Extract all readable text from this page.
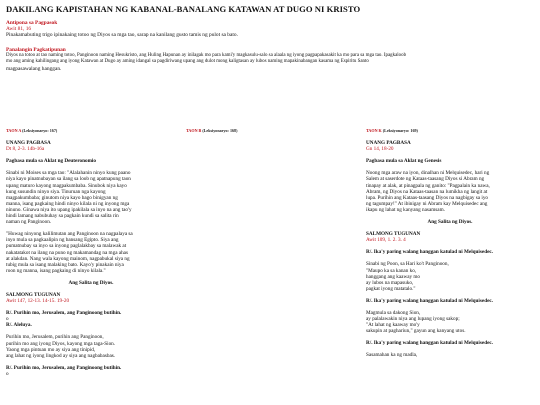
DAKILANG KAPISTAHAN NG KABANAL-BANALANG KATAWAN AT DUGO NI KRISTO
Antipona sa Pagpasok
Awit 81, 16
Pinakamabuting trigo ipinakaing totoo ng Diyos sa mga tao, sarap na kanilang gusto tamis ng pulot sa bato.
Panalangin Pagkatipunan
Diyos na totoo at tao naming totoo, Panginoon naming Hesukristo, ang Huling Hapunan ay inilagak mo para kami'y magkasulu-salo sa alaala ng iyong pagpapakasakit ka mo para sa mga tao. Ipagkaloob
mo ang aming kahilingang ang iyong Katawan at Dugo ay aming idangal sa pagdiriwang upang ang dulot mong kaligtasan ay lubos naming mapakinabangan kasama ng Espiritu Santo
magpasawalang hanggan.
TAON A (Leksiyonaryo: 167)

UNANG PAGBASA

Dt 8, 2-3. 14b-16a

Pagbasa mula sa Aklat ng Deuteronomio

Sinabi ni Moises sa mga tao: "Alalahanin ninyo kung paano

niya kayo pinatnubayan sa ilang sa loob ng apatnapung taon

upang maturo kayong magpakumbaba. Sinubok niya kayo

kung susundin ninyo siya. Tinuruan nga kayong

magpakumbaba; ginutom niya kayo bago binigyan ng

manna, isang pagkaing hindi ninyo kilala ni ng inyong mga

ninuno. Ginawa niya ito upang ipakilala sa inyo na ang tao'y

hindi lamang nabubuhay sa pagkain kundi sa salita rin

naman ng Panginoon.

"Huwag ninyong kalilimutan ang Panginoon na nagpalaya sa

inyo mula sa pagkaalipin ng bansang Egipto. Siya ang

pumatnubay sa inyo sa inyong paglalakbay sa malawak at

nakatatakot na ilang na puno ng makamandag na mga ahas

at alakdan. Nang wala kayong mainom, nagpabukal siya ng

tubig mula sa isang malaking bato. Kayo'y pinakain niya

roon ng manna, isang pagkaing di ninyo kilala."

Ang Salita ng Diyos.

SALMONG TUGUNAN

Awit 147, 12-13. 14-15. 19-20

R/. Purihin mo, Jerusalem, ang Panginoong butihin.

o

R/. Aleluya.

Purihin mo, Jerusalem, purihin ang Panginoon,

purihin mo ang iyong Diyos, kayong mga taga-Sion.

Yaong mga pintuan mo ay siya ang tinipid,

ang lahat ng iyong lingkod ay siya ang nagbabasbas.

R/. Purihin mo, Jerusalem, ang Panginoong butihin.

o

TAON B (Leksiyonaryo: 168)	TAON K (Leksiyonaryo: 169)

UNANG PAGBASA

Gn 14, 18-20

Pagbasa mula sa Aklat ng Genesis

Noong mga araw na iyon, dinalhan ni Melquisedec, hari ng

Salem at saserdote ng Kataas-taasang Diyos si Abram ng

tinapay at alak, at pinagpala ng ganito: "Pagpalain ka nawa,

Abram, ng Diyos na Kataas-taasan na lumikha ng langit at

lupa. Purihin ang Kataas-taasang Diyos na nagbigay sa iyo

ng tagumpay!" At ibinigay ni Abram kay Melquisedec ang

ikapu ng lahat ng kanyang nasamsam.

Ang Salita ng Diyos.

SALMONG TUGUNAN

Awit 109, 1. 2. 3. 4

R/. Ika'y paring walang hanggan katulad ni Melquisedec.

Sinabi ng Poon, sa Hari ko't Panginoon,

"Maupo ka sa kanan ko,

hanggang ang kaaway mo

ay lubos na mapasuko,

pagkat iyong matatalo."

R/. Ika'y paring walang hanggan katulad ni Melquisedec.

Magmula sa dakong Sion,

ay palalawakin niya ang lupang iyong sakop;

"At lahat ng kaaway mo'y

sakupin at paghariun," gayun ang kanyang utos.

R/. Ika'y paring walang hanggan katulad ni Melquisedec.

Sasamahan ka ng madla,
